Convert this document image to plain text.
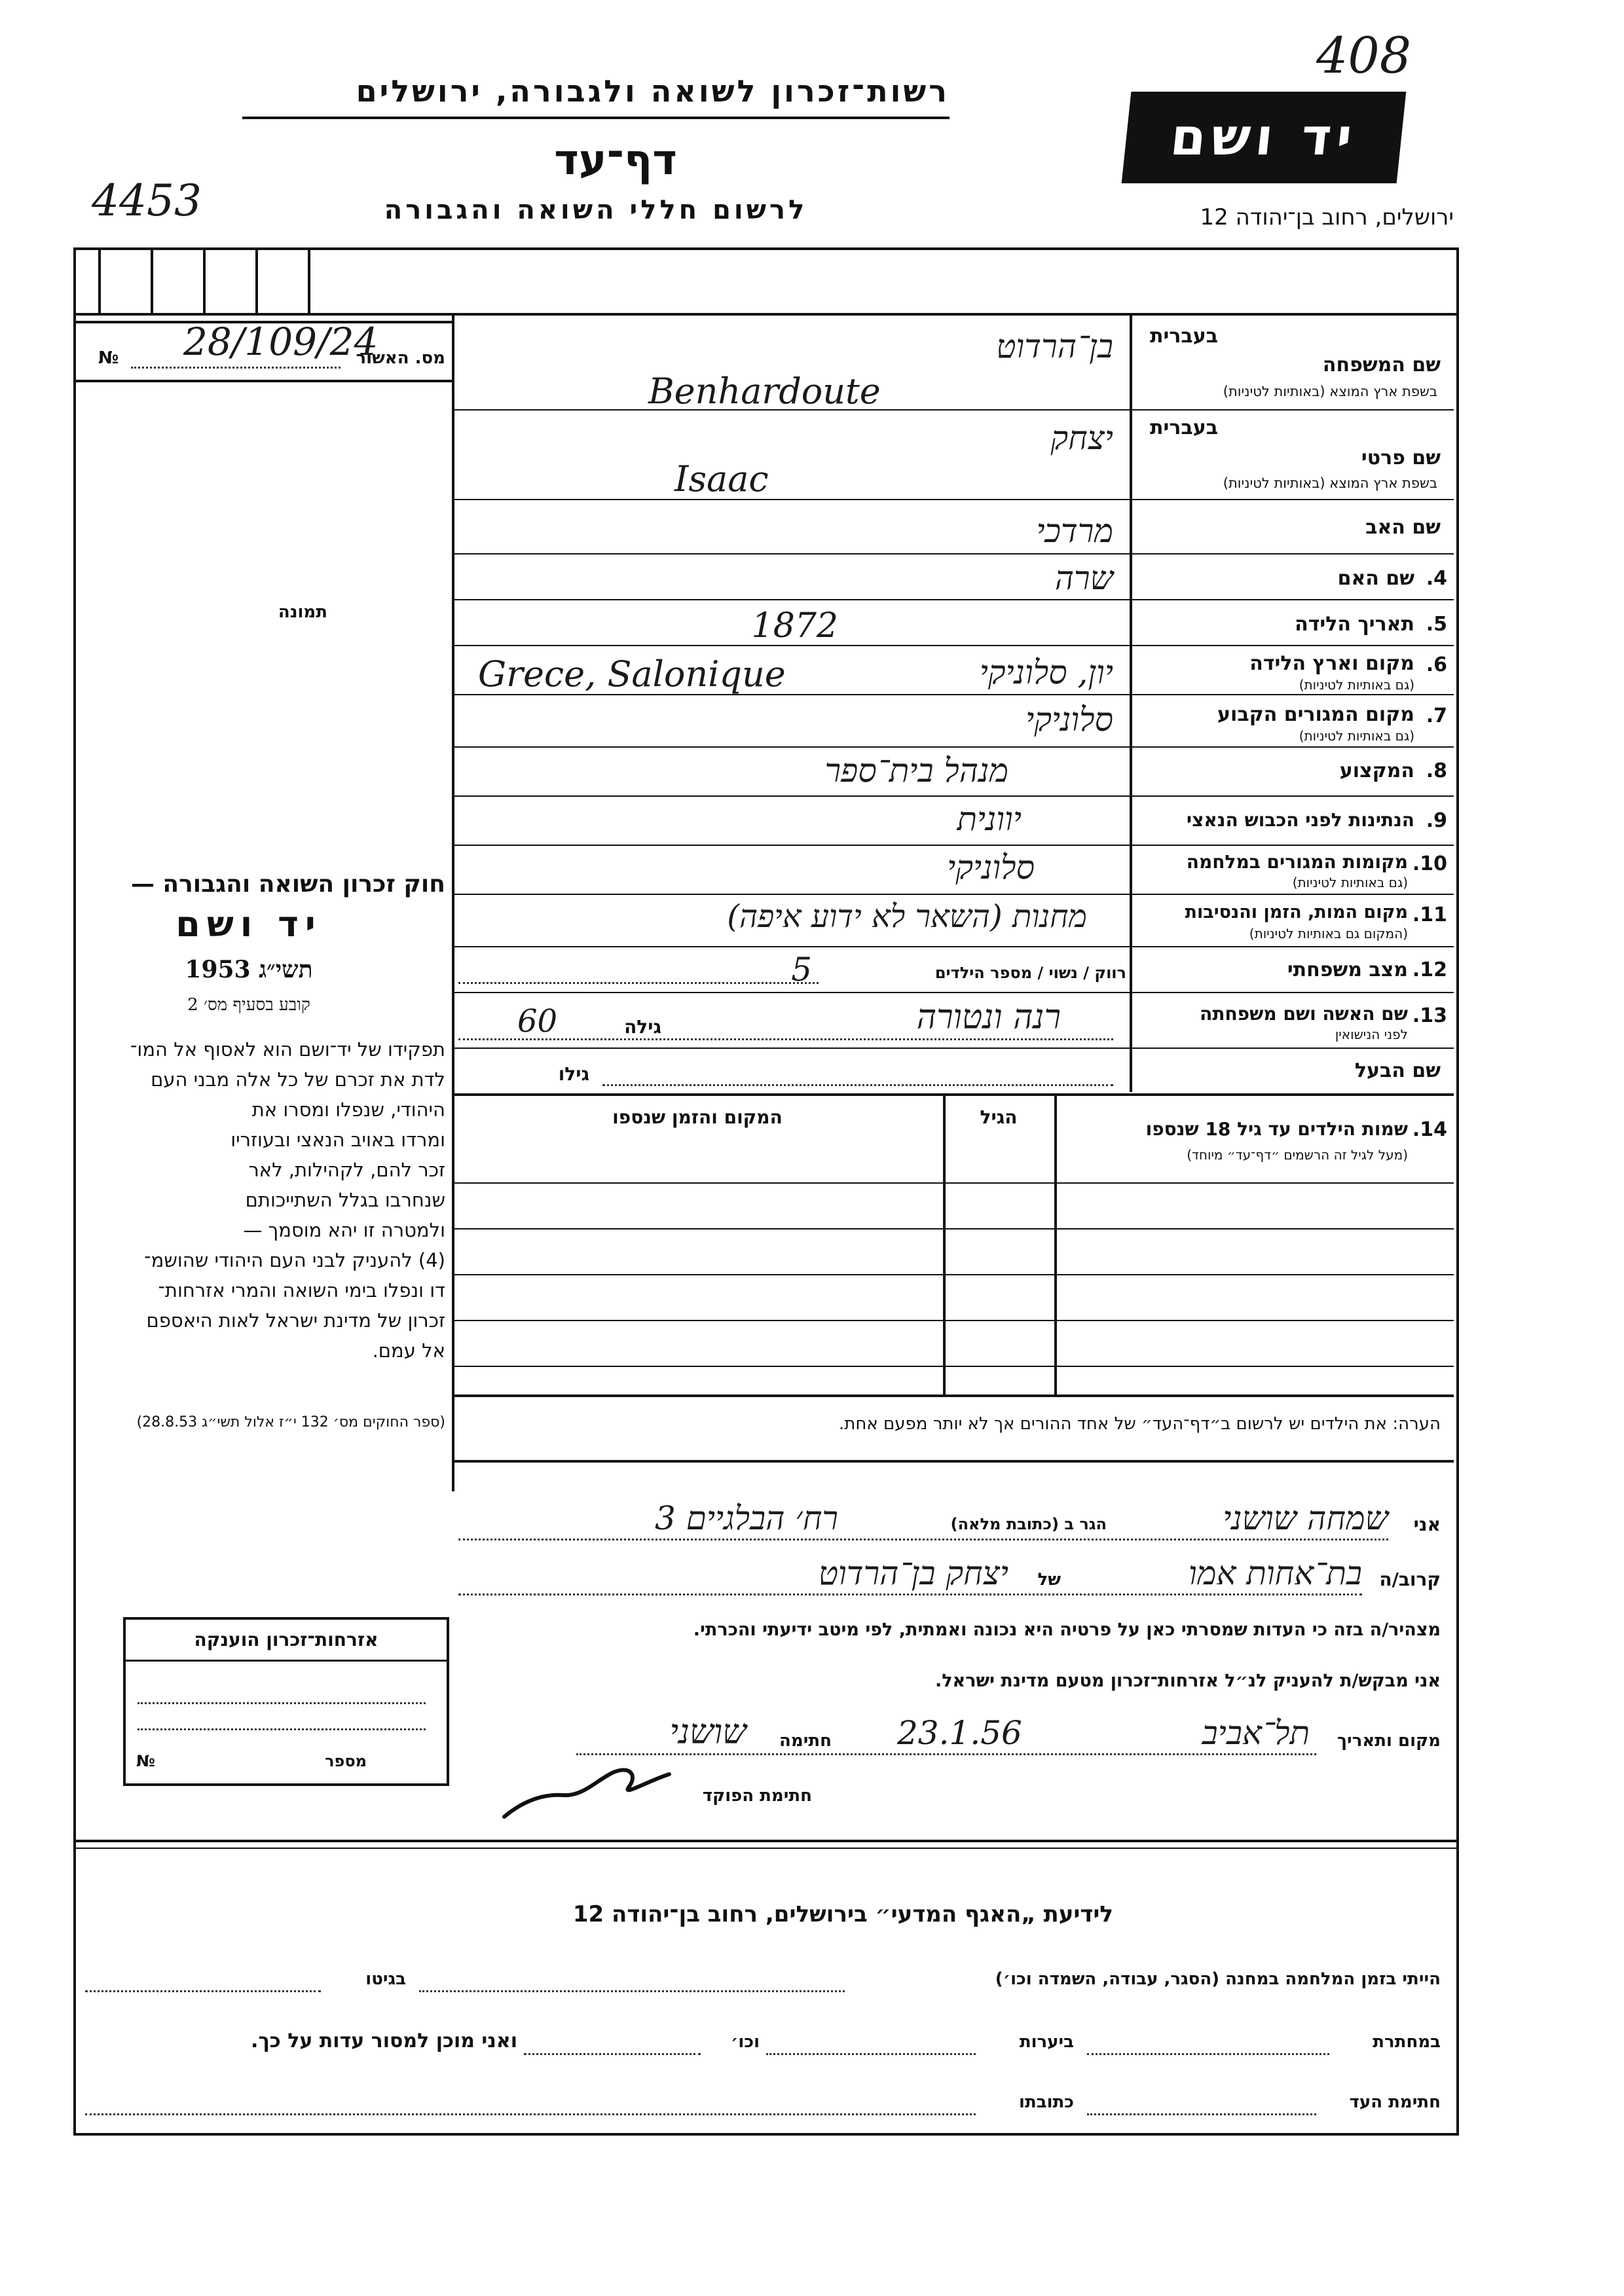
רשות־זכרון לשואה ולגבורה, ירושלים
דף־עד
לרשום חללי השואה והגבורה
4453
408
יד ושם
ירושלים, רחוב בן־יהודה 12
מס. האשור
№ 28/109/24
תמונה
חוק זכרון השואה והגבורה —
יד ושם
תשי״ג 1953
קובע בסעיף מס׳ 2
תפקידו של יד־ושם הוא לאסוף אל המו־
לדת את זכרם של כל אלה מבני העם
היהודי, שנפלו ומסרו את
ומרדו באויב הנאצי ובעוזריו
זכר להם, לקהילות, לאר
שנחרבו בגלל השתייכותם
ולמטרה זו יהא מוסמך —
(4) להעניק לבני העם היהודי שהושמ־
דו ונפלו בימי השואה והמרי אזרחות־
זכרון של מדינת ישראל לאות היאספם
אל עמם.
(ספר החוקים מס׳ 132 י״ז אלול תשי״ג 28.8.53)
בעברית
שם המשפחה
בשפת ארץ המוצא (באותיות לטיניות)
בן־הרדוט
Benhardoute
בעברית
שם פרטי
בשפת ארץ המוצא (באותיות לטיניות)
יצחק
Isaac
שם האב
מרדכי
4.
שם האם
שרה
5.
תאריך הלידה
1872
6.
מקום וארץ הלידה
(גם באותיות לטיניות)
יון, סלוניקי
Grece, Salonique
7.
מקום המגורים הקבוע
(גם באותיות לטיניות)
סלוניקי
8.
המקצוע
מנהל בית־ספר
9.
הנתינות לפני הכבוש הנאצי
יוונית
10.
מקומות המגורים במלחמה
(גם באותיות לטיניות)
סלוניקי
11.
מקום המות, הזמן והנסיבות
(המקום גם באותיות לטיניות)
מחנות (השאר לא ידוע איפה)
12.
מצב משפחתי
רווק / נשוי / מספר הילדים
5
13.
שם האשה ושם משפחתה
לפני הנישואין
רנה ונטורה
גילה
60
שם הבעל
גילו
14.
שמות הילדים עד גיל 18 שנספו
(מעל לגיל זה הרשמים ״דף־עד״ מיוחד)
הגיל
המקום והזמן שנספו
הערה: את הילדים יש לרשום ב״דף־העד״ של אחד ההורים אך לא יותר מפעם אחת.
אני
שמחה שושני
הגר ב (כתובת מלאה)
רח׳ הבלגיים 3
קרוב/ה
בת־אחות אמו
של
יצחק בן־הרדוט
מצהיר/ה בזה כי העדות שמסרתי כאן על פרטיה היא נכונה ואמתית, לפי מיטב ידיעתי והכרתי.
אני מבקש/ת להעניק לנ״ל אזרחות־זכרון מטעם מדינת ישראל.
מקום ותאריך
תל־אביב
23.1.56
חתימה
שושני
חתימת הפוקד
אזרחות־זכרון הוענקה
מספר
№
לידיעת „האגף המדעי״ בירושלים, רחוב בן־יהודה 12
הייתי בזמן המלחמה במחנה (הסגר, עבודה, השמדה וכו׳)
בגיטו
במחתרת
ביערות
וכו׳
ואני מוכן למסור עדות על כך.
חתימת העד
כתובתו
